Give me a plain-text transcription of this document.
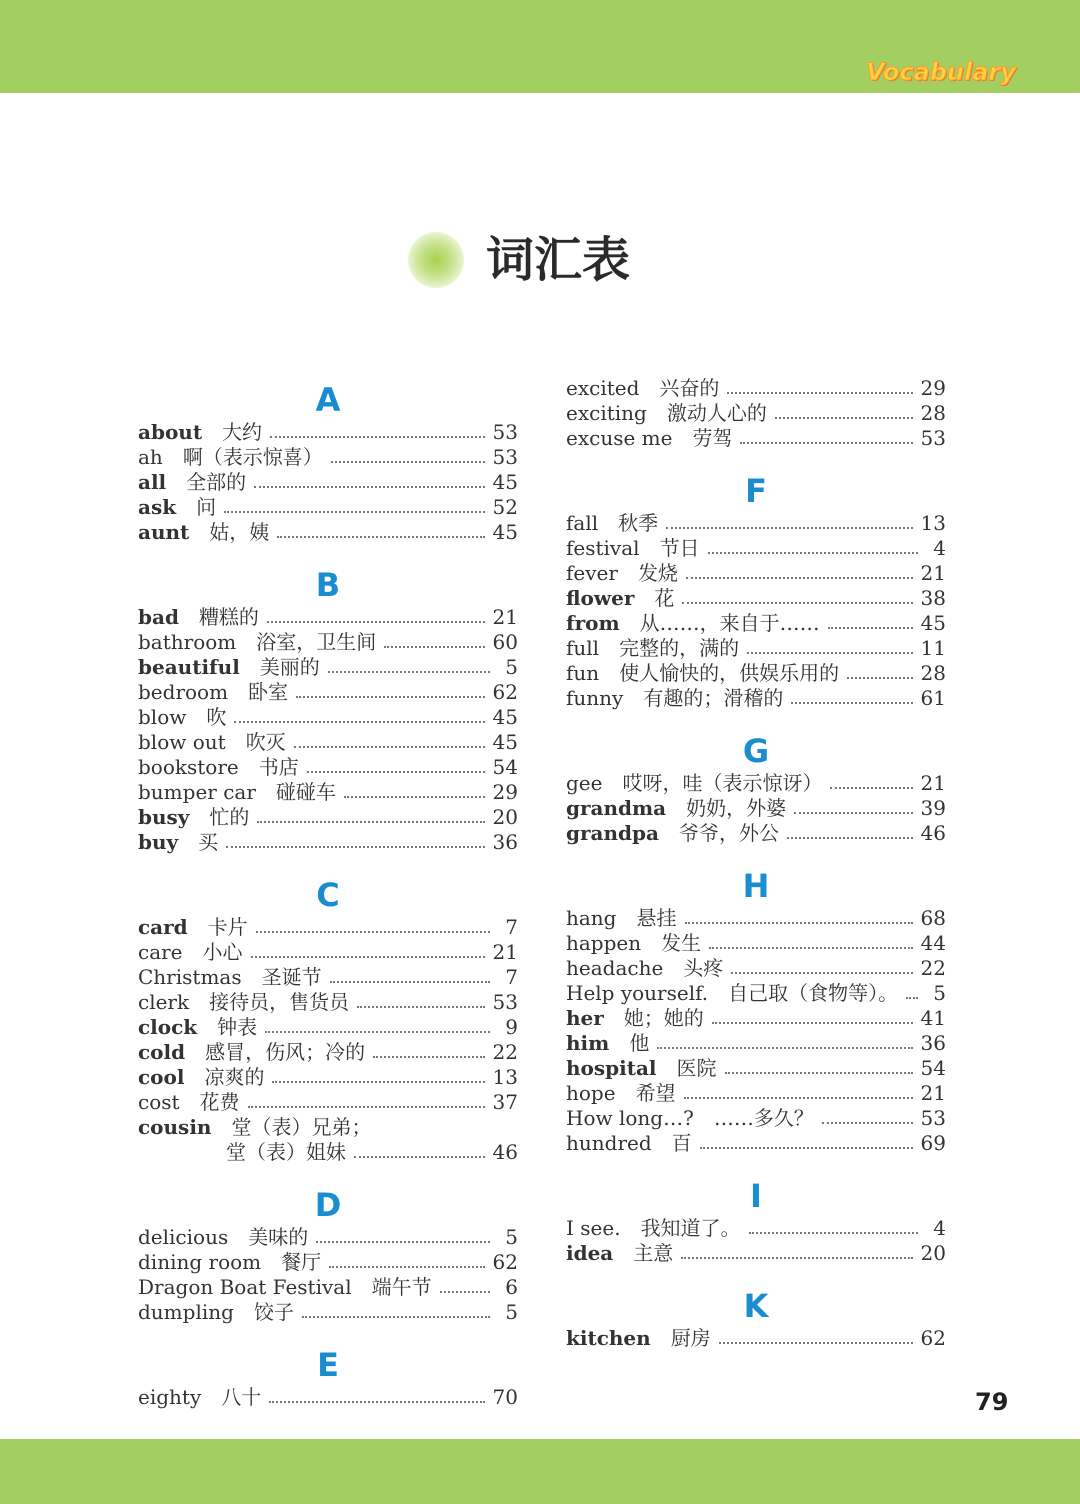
Vocabulary
词汇表
A
about 大约	53
ah 啊（表示惊喜）	53
all 全部的	45
ask 问	52
aunt 姑，姨	45
B
bad 糟糕的	21
bathroom 浴室，卫生间	60
beautiful 美丽的	5
bedroom 卧室	62
blow 吹	45
blow out 吹灭	45
bookstore 书店	54
bumper car 碰碰车	29
busy 忙的	20
buy 买	36
C
card 卡片	7
care 小心	21
Christmas 圣诞节	7
clerk 接待员，售货员	53
clock 钟表	9
cold 感冒，伤风；冷的	22
cool 凉爽的	13
cost 花费	37
cousin 堂（表）兄弟；
堂（表）姐妹	46
D
delicious 美味的	5
dining room 餐厅	62
Dragon Boat Festival 端午节	6
dumpling 饺子	5
E
eighty 八十	70
excited 兴奋的	29
exciting 激动人心的	28
excuse me 劳驾	53
F
fall 秋季	13
festival 节日	4
fever 发烧	21
flower 花	38
from 从……，来自于……	45
full 完整的，满的	11
fun 使人愉快的，供娱乐用的	28
funny 有趣的；滑稽的	61
G
gee 哎呀，哇（表示惊讶）	21
grandma 奶奶，外婆	39
grandpa 爷爷，外公	46
H
hang 悬挂	68
happen 发生	44
headache 头疼	22
Help yourself. 自己取（食物等）。	5
her 她；她的	41
him 他	36
hospital 医院	54
hope 希望	21
How long…? ……多久？	53
hundred 百	69
I
I see. 我知道了。	4
idea 主意	20
K
kitchen 厨房	62
79
